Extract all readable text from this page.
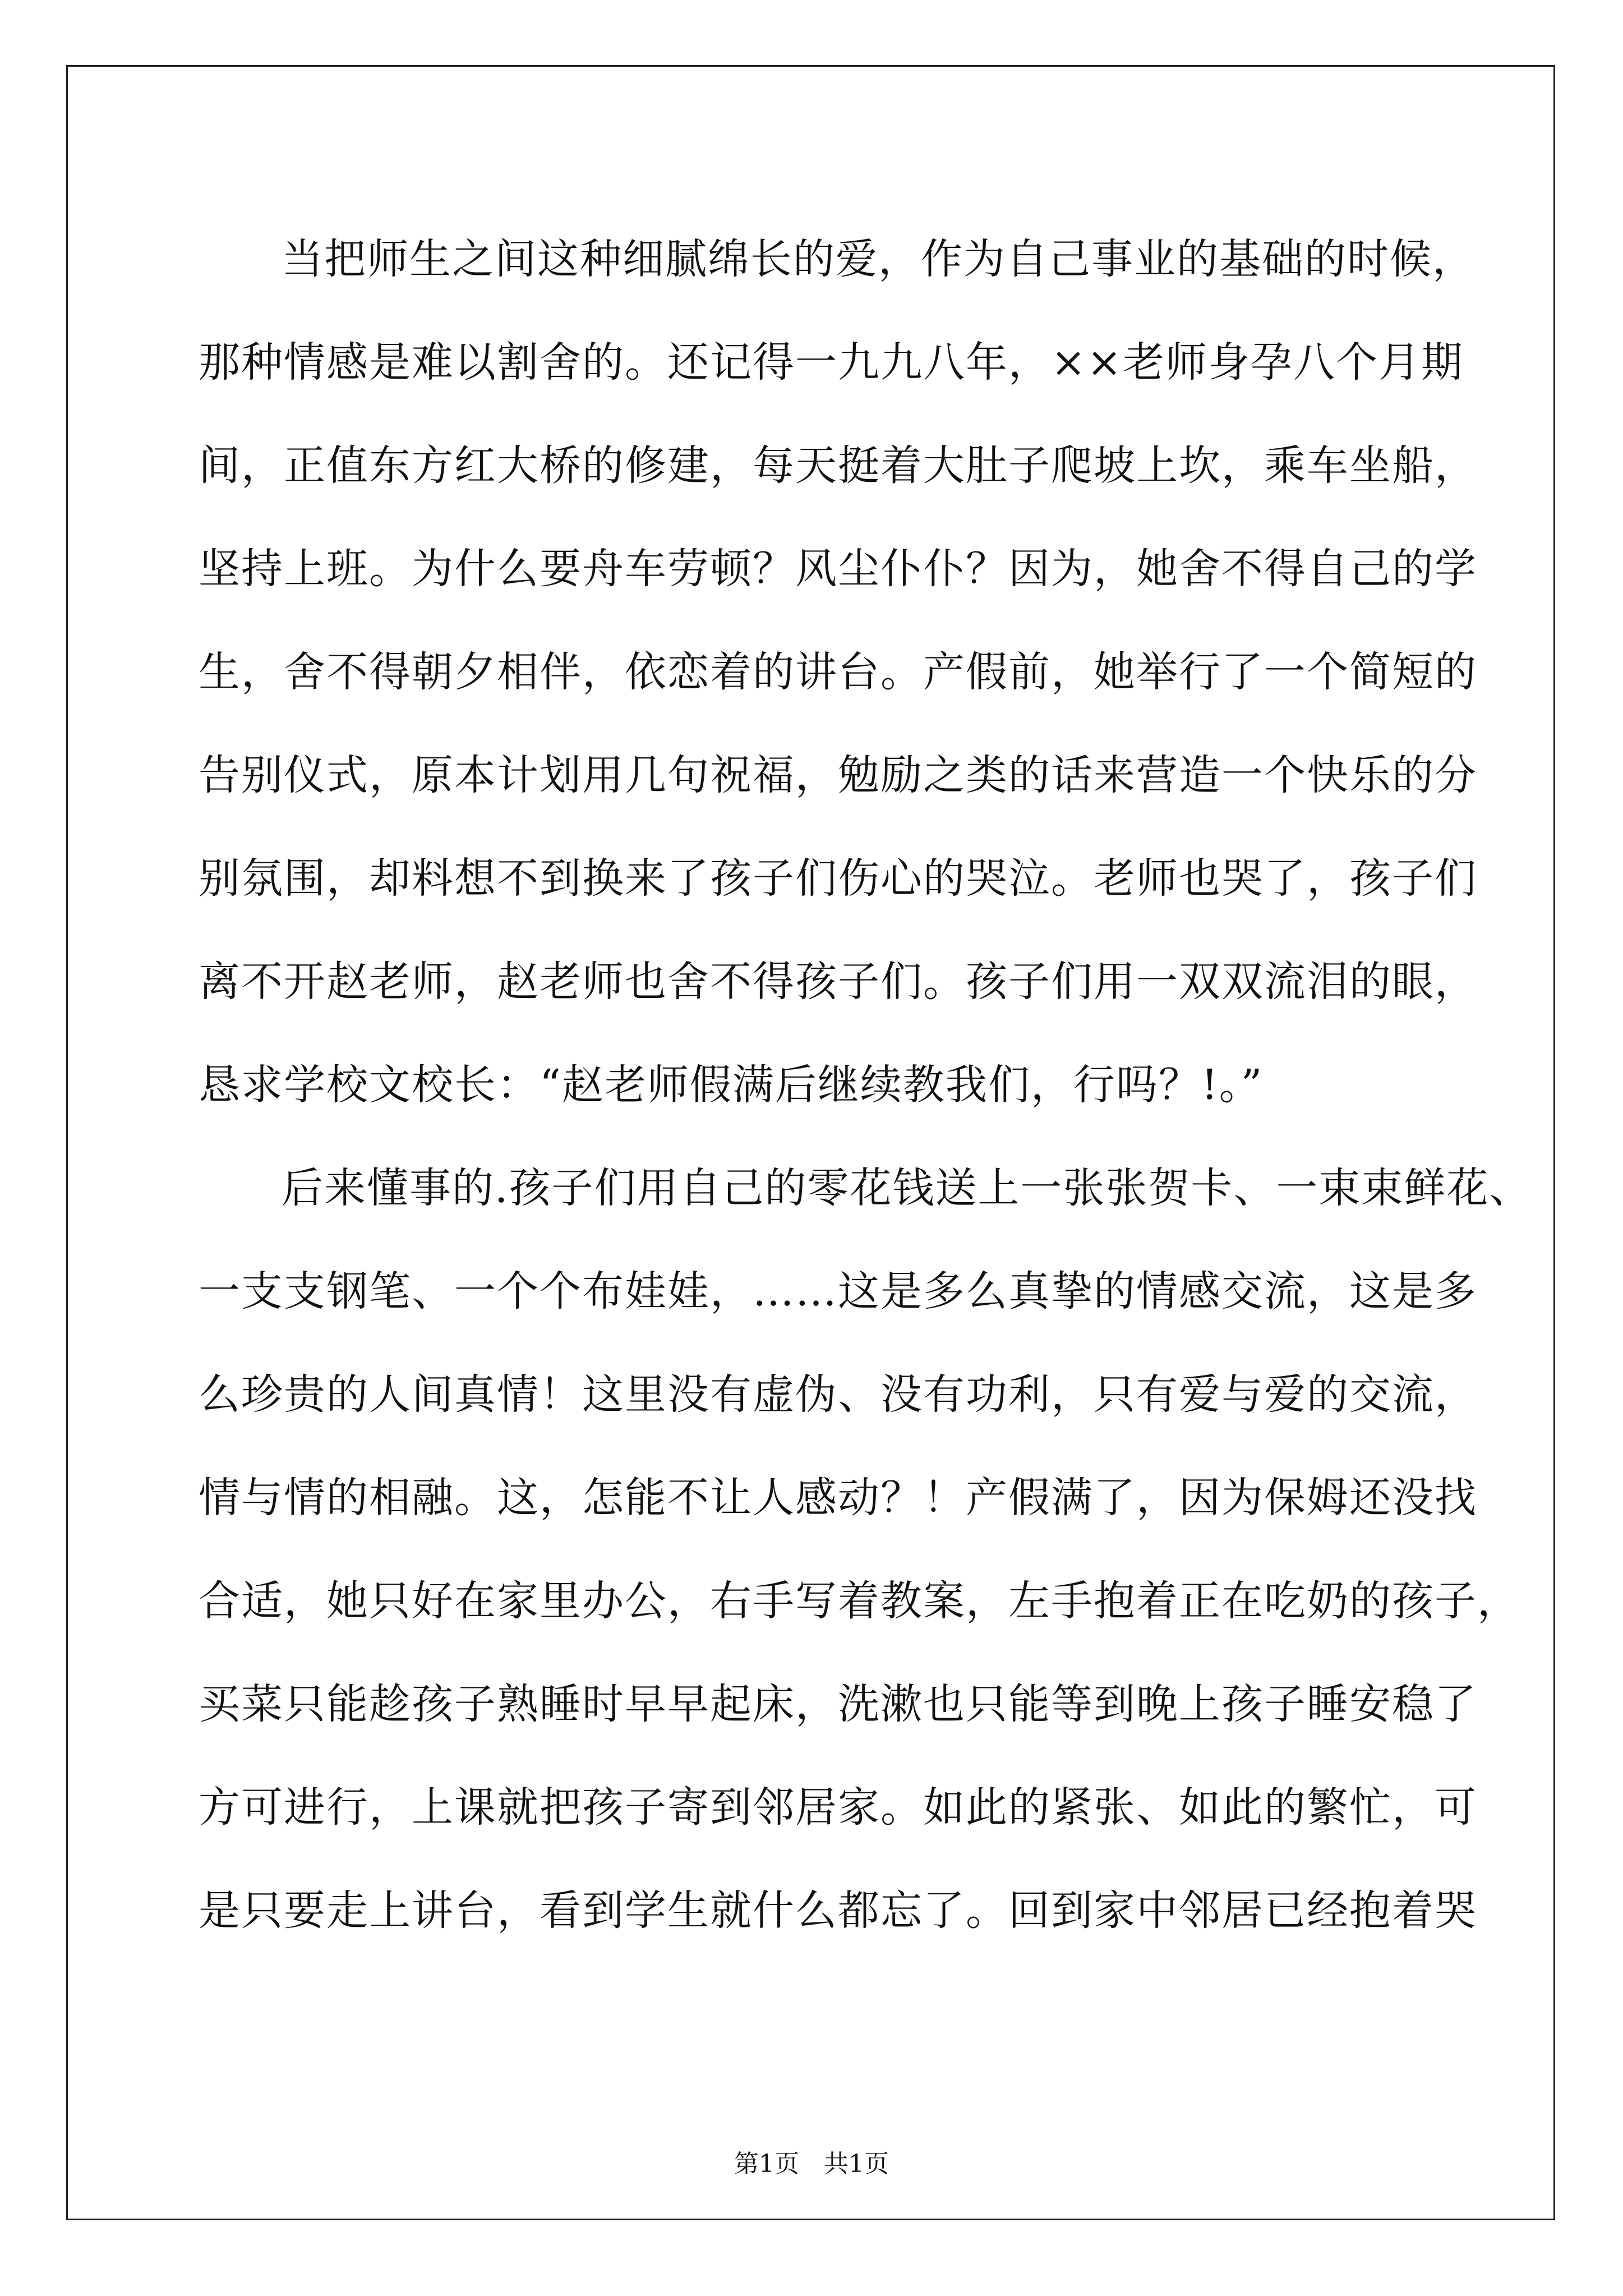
当把师生之间这种细腻绵长的爱，作为自己事业的基础的时候，
那种情感是难以割舍的。还记得一九九八年，××老师身孕八个月期
间，正值东方红大桥的修建，每天挺着大肚子爬坡上坎，乘车坐船，
坚持上班。为什么要舟车劳顿？风尘仆仆？因为，她舍不得自己的学
生，舍不得朝夕相伴，依恋着的讲台。产假前，她举行了一个简短的
告别仪式，原本计划用几句祝福，勉励之类的话来营造一个快乐的分
别氛围，却料想不到换来了孩子们伤心的哭泣。老师也哭了，孩子们
离不开赵老师，赵老师也舍不得孩子们。孩子们用一双双流泪的眼，
恳求学校文校长：“赵老师假满后继续教我们，行吗？!。”
后来懂事的.孩子们用自己的零花钱送上一张张贺卡、一束束鲜花、
一支支钢笔、一个个布娃娃，……这是多么真挚的情感交流，这是多
么珍贵的人间真情！这里没有虚伪、没有功利，只有爱与爱的交流，
情与情的相融。这，怎能不让人感动？！产假满了，因为保姆还没找
合适，她只好在家里办公，右手写着教案，左手抱着正在吃奶的孩子，
买菜只能趁孩子熟睡时早早起床，洗漱也只能等到晚上孩子睡安稳了
方可进行，上课就把孩子寄到邻居家。如此的紧张、如此的繁忙，可
是只要走上讲台，看到学生就什么都忘了。回到家中邻居已经抱着哭
第1页　共1页
